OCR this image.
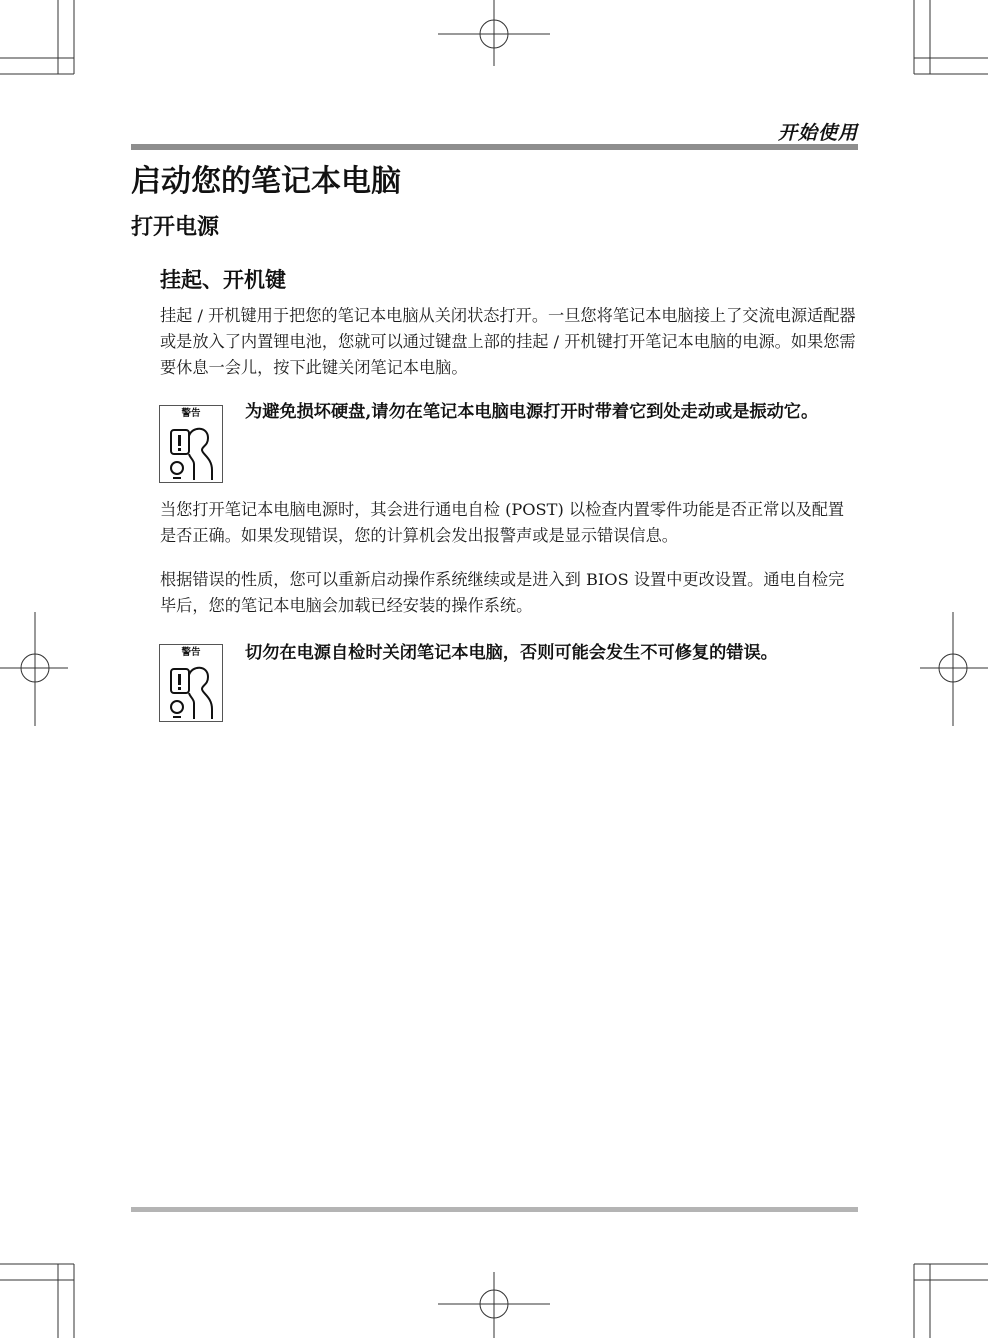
开始使用
启动您的笔记本电脑
打开电源
挂起、开机键

挂起 / 开机键用于把您的笔记本电脑从关闭状态打开。一旦您将笔记本电脑接上了交流电源适配器或是放入了内置锂电池，您就可以通过键盘上部的挂起 / 开机键打开笔记本电脑的电源。如果您需要休息一会儿，按下此键关闭笔记本电脑。

警告	为避免损坏硬盘,请勿在笔记本电脑电源打开时带着它到处走动或是振动它。

当您打开笔记本电脑电源时，其会进行通电自检 (POST) 以检查内置零件功能是否正常以及配置是否正确。如果发现错误，您的计算机会发出报警声或是显示错误信息。

根据错误的性质，您可以重新启动操作系统继续或是进入到 BIOS 设置中更改设置。通电自检完毕后，您的笔记本电脑会加载已经安装的操作系统。

警告	切勿在电源自检时关闭笔记本电脑，否则可能会发生不可修复的错误。
